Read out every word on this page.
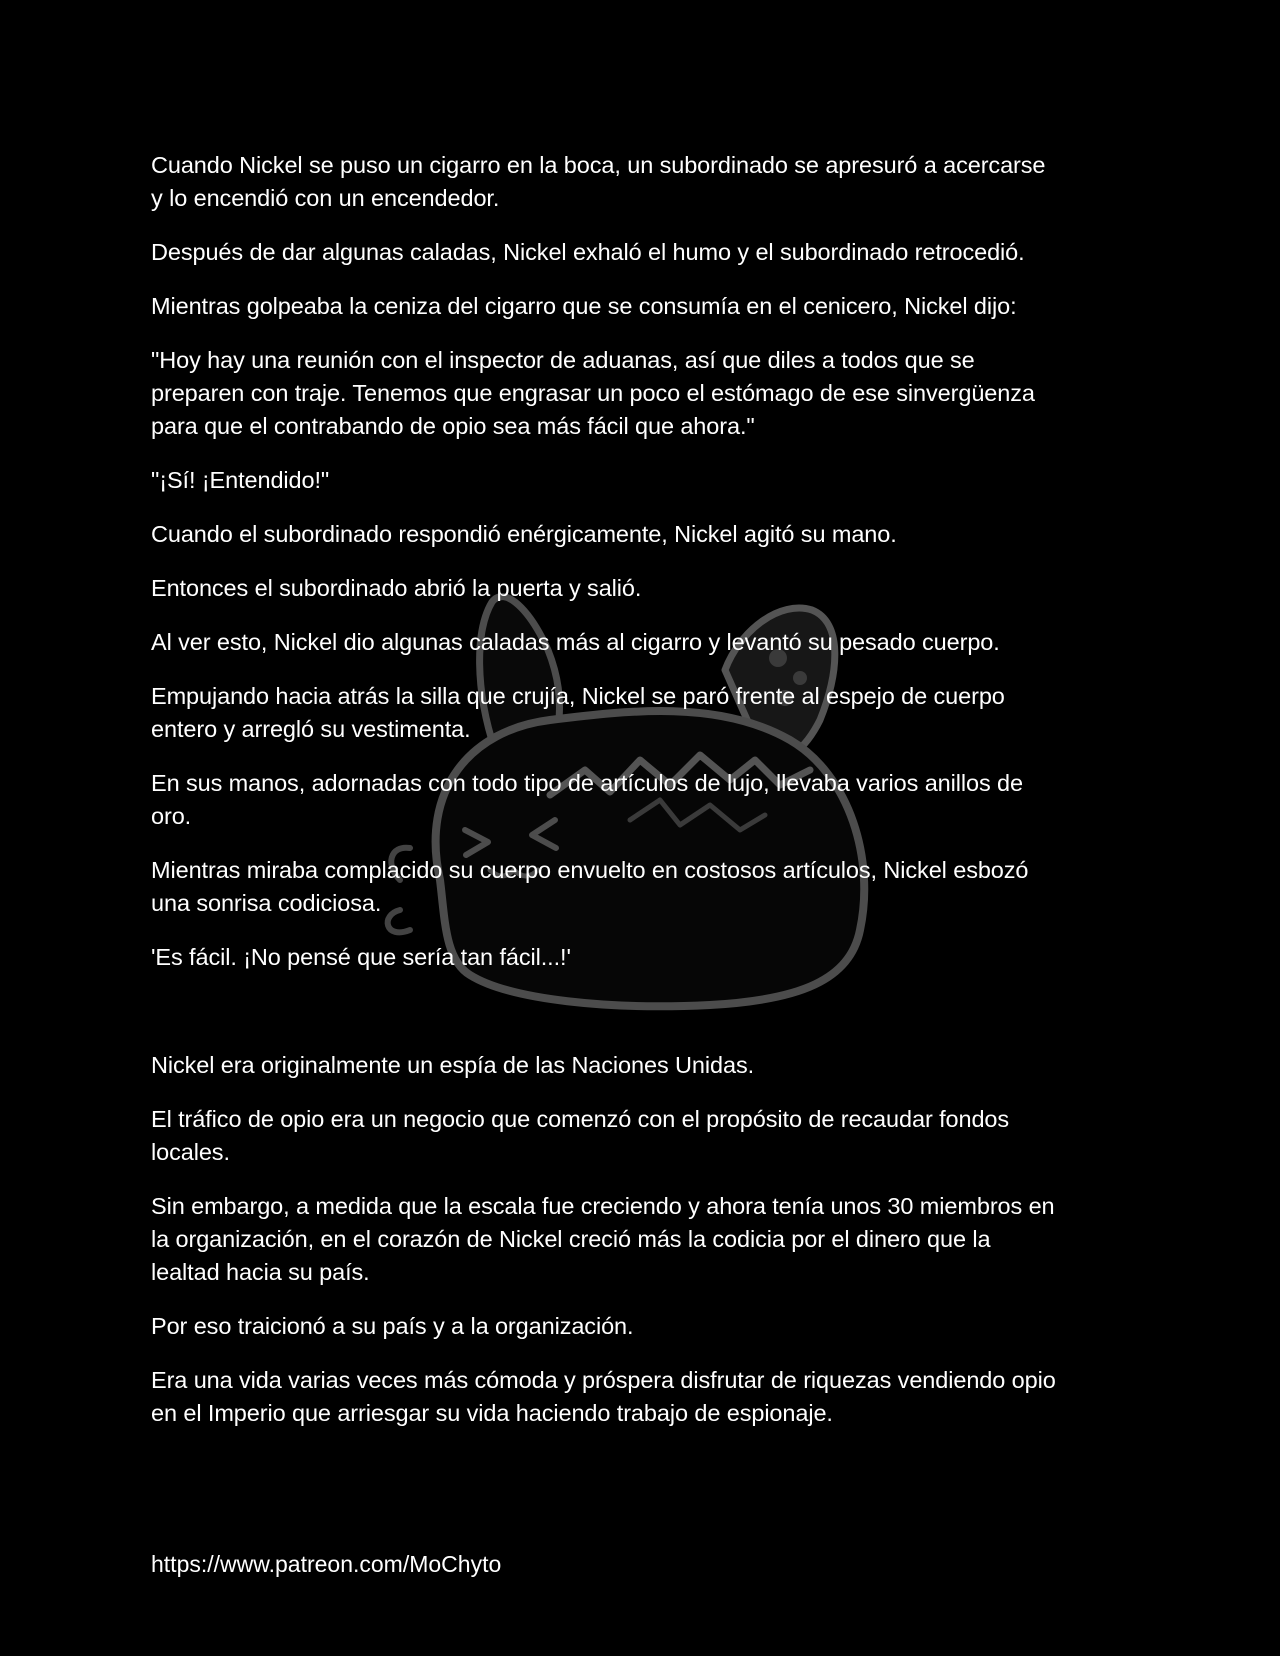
Cuando Nickel se puso un cigarro en la boca, un subordinado se apresuró a acercarse
y lo encendió con un encendedor.

Después de dar algunas caladas, Nickel exhaló el humo y el subordinado retrocedió.

Mientras golpeaba la ceniza del cigarro que se consumía en el cenicero, Nickel dijo:

"Hoy hay una reunión con el inspector de aduanas, así que diles a todos que se
preparen con traje. Tenemos que engrasar un poco el estómago de ese sinvergüenza
para que el contrabando de opio sea más fácil que ahora."

"¡Sí! ¡Entendido!"

Cuando el subordinado respondió enérgicamente, Nickel agitó su mano.

Entonces el subordinado abrió la puerta y salió.

Al ver esto, Nickel dio algunas caladas más al cigarro y levantó su pesado cuerpo.

Empujando hacia atrás la silla que crujía, Nickel se paró frente al espejo de cuerpo
entero y arregló su vestimenta.

En sus manos, adornadas con todo tipo de artículos de lujo, llevaba varios anillos de
oro.

Mientras miraba complacido su cuerpo envuelto en costosos artículos, Nickel esbozó
una sonrisa codiciosa.

'Es fácil. ¡No pensé que sería tan fácil...!'

Nickel era originalmente un espía de las Naciones Unidas.

El tráfico de opio era un negocio que comenzó con el propósito de recaudar fondos
locales.

Sin embargo, a medida que la escala fue creciendo y ahora tenía unos 30 miembros en
la organización, en el corazón de Nickel creció más la codicia por el dinero que la
lealtad hacia su país.

Por eso traicionó a su país y a la organización.

Era una vida varias veces más cómoda y próspera disfrutar de riquezas vendiendo opio
en el Imperio que arriesgar su vida haciendo trabajo de espionaje.

https://www.patreon.com/MoChyto
